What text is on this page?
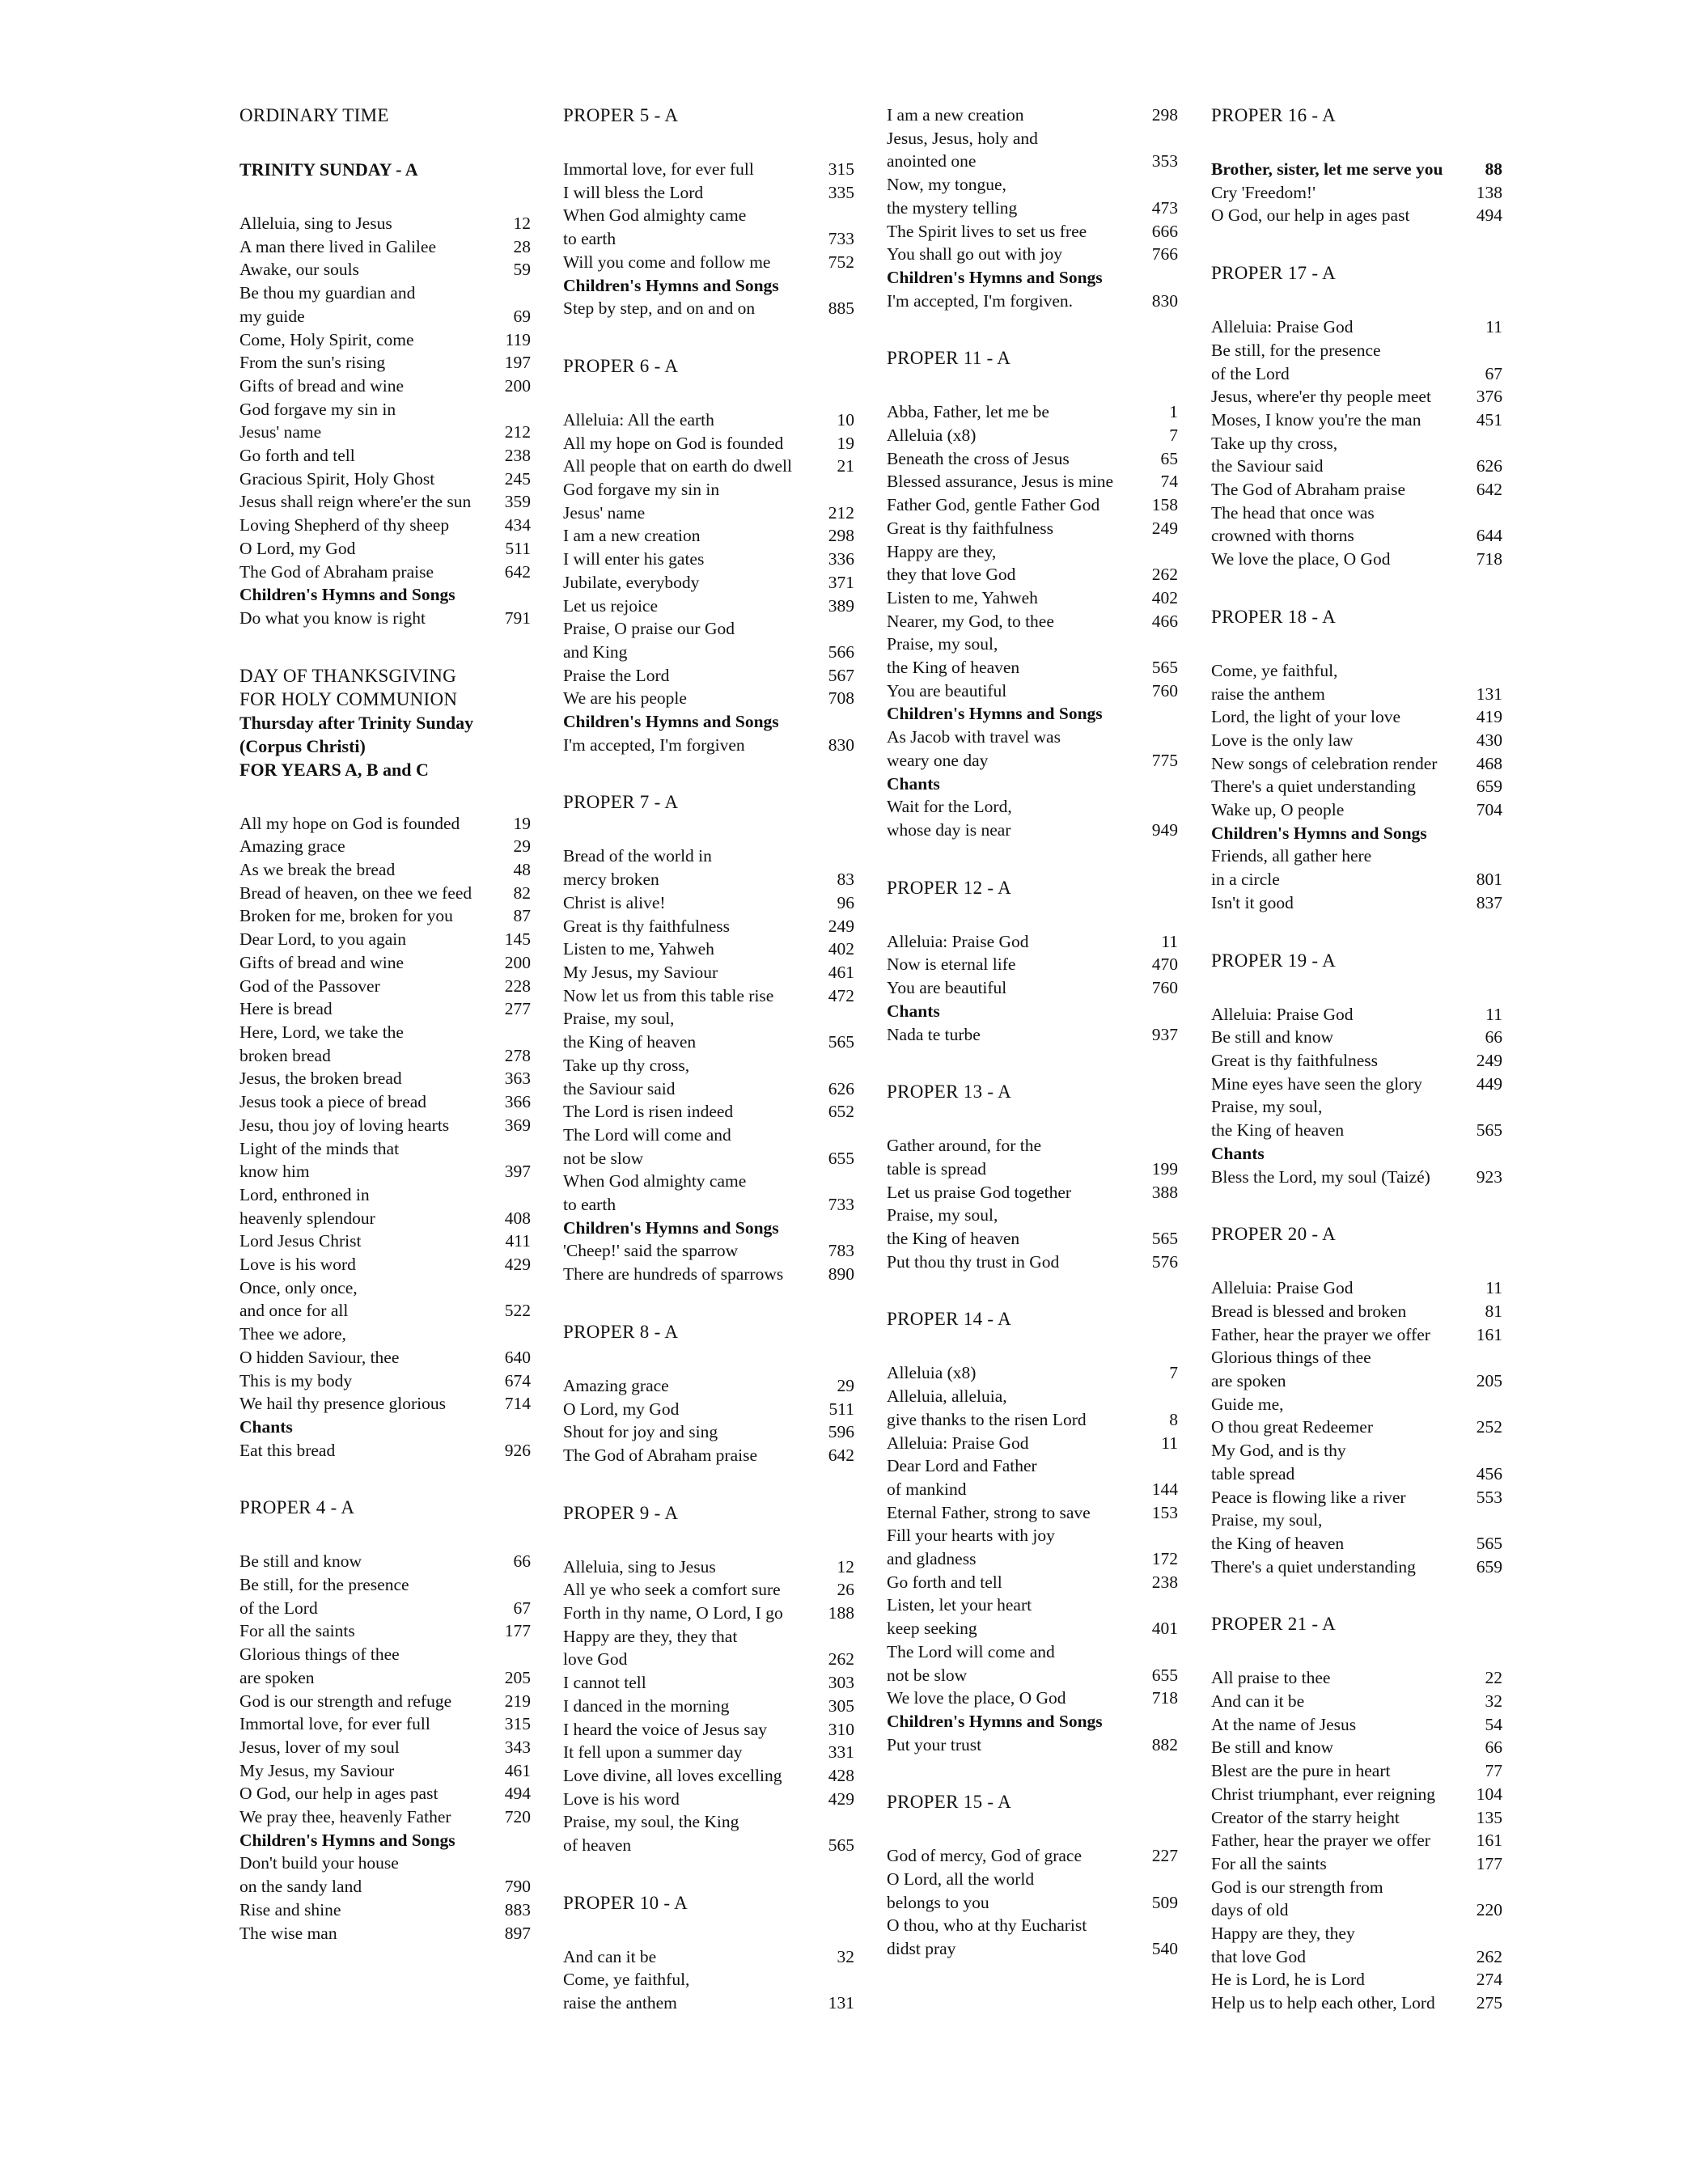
ORDINARY TIME
TRINITY SUNDAY - A
Alleluia, sing to Jesus	12
A man there lived in Galilee	28
Awake, our souls	59
Be thou my guardian and
my guide	69
Come, Holy Spirit, come	119
From the sun's rising	197
Gifts of bread and wine	200
God forgave my sin in
Jesus' name	212
Go forth and tell	238
Gracious Spirit, Holy Ghost	245
Jesus shall reign where'er the sun 359
Loving Shepherd of thy sheep	434
O Lord, my God	511
The God of Abraham praise	642
Children's Hymns and Songs
Do what you know is right	791
DAY OF THANKSGIVING
FOR HOLY COMMUNION
Thursday after Trinity Sunday
(Corpus Christi)
FOR YEARS A, B and C
All my hope on God is founded	19
Amazing grace	29
As we break the bread	48
Bread of heaven, on thee we feed 82
Broken for me, broken for you	87
Dear Lord, to you again	145
Gifts of bread and wine	200
God of the Passover	228
Here is bread	277
Here, Lord, we take the
broken bread	278
Jesus, the broken bread	363
Jesus took a piece of bread	366
Jesu, thou joy of loving hearts	369
Light of the minds that
know him	397
Lord, enthroned in
heavenly splendour	408
Lord Jesus Christ	411
Love is his word	429
Once, only once,
and once for all	522
Thee we adore,
O hidden Saviour, thee	640
This is my body	674
We hail thy presence glorious	714
Chants
Eat this bread	926
PROPER 4 - A
Be still and know	66
Be still, for the presence
of the Lord	67
For all the saints	177
Glorious things of thee
are spoken	205
God is our strength and refuge	219
Immortal love, for ever full	315
Jesus, lover of my soul	343
My Jesus, my Saviour	461
O God, our help in ages past	494
We pray thee, heavenly Father	720
Children's Hymns and Songs
Don't build your house
on the sandy land	790
Rise and shine	883
The wise man	897
PROPER 5 - A
Immortal love, for ever full	315
I will bless the Lord	335
When God almighty came
to earth	733
Will you come and follow me	752
Children's Hymns and Songs
Step by step, and on and on	885
PROPER 6 - A
Alleluia: All the earth	10
All my hope on God is founded	19
All people that on earth do dwell	21
God forgave my sin in
Jesus' name	212
I am a new creation	298
I will enter his gates	336
Jubilate, everybody	371
Let us rejoice	389
Praise, O praise our God
and King	566
Praise the Lord	567
We are his people	708
Children's Hymns and Songs
I'm accepted, I'm forgiven	830
PROPER 7 - A
Bread of the world in
mercy broken	83
Christ is alive!	96
Great is thy faithfulness	249
Listen to me, Yahweh	402
My Jesus, my Saviour	461
Now let us from this table rise	472
Praise, my soul,
the King of heaven	565
Take up thy cross,
the Saviour said	626
The Lord is risen indeed	652
The Lord will come and
not be slow	655
When God almighty came
to earth	733
Children's Hymns and Songs
'Cheep!' said the sparrow	783
There are hundreds of sparrows	890
PROPER 8 - A
Amazing grace	29
O Lord, my God	511
Shout for joy and sing	596
The God of Abraham praise	642
PROPER 9 - A
Alleluia, sing to Jesus	12
All ye who seek a comfort sure	26
Forth in thy name, O Lord, I go	188
Happy are they, they that
love God	262
I cannot tell	303
I danced in the morning	305
I heard the voice of Jesus say	310
It fell upon a summer day	331
Love divine, all loves excelling	428
Love is his word	429
Praise, my soul, the King
of heaven	565
PROPER 10 - A
And can it be	32
Come, ye faithful,
raise the anthem	131
I am a new creation	298
Jesus, Jesus, holy and
anointed one	353
Now, my tongue,
the mystery telling	473
The Spirit lives to set us free	666
You shall go out with joy	766
Children's Hymns and Songs
I'm accepted, I'm forgiven.	830
PROPER 11 - A
Abba, Father, let me be	1
Alleluia (x8)	7
Beneath the cross of Jesus	65
Blessed assurance, Jesus is mine	74
Father God, gentle Father God	158
Great is thy faithfulness	249
Happy are they,
they that love God	262
Listen to me, Yahweh	402
Nearer, my God, to thee	466
Praise, my soul,
the King of heaven	565
You are beautiful	760
Children's Hymns and Songs
As Jacob with travel was
weary one day	775
Chants
Wait for the Lord,
whose day is near	949
PROPER 12 - A
Alleluia: Praise God	11
Now is eternal life	470
You are beautiful	760
Chants
Nada te turbe	937
PROPER 13 - A
Gather around, for the
table is spread	199
Let us praise God together	388
Praise, my soul,
the King of heaven	565
Put thou thy trust in God	576
PROPER 14 - A
Alleluia (x8)	7
Alleluia, alleluia,
give thanks to the risen Lord	8
Alleluia: Praise God	11
Dear Lord and Father
of mankind	144
Eternal Father, strong to save	153
Fill your hearts with joy
and gladness	172
Go forth and tell	238
Listen, let your heart
keep seeking	401
The Lord will come and
not be slow	655
We love the place, O God	718
Children's Hymns and Songs
Put your trust	882
PROPER 15 - A
God of mercy, God of grace	227
O Lord, all the world
belongs to you	509
O thou, who at thy Eucharist
didst pray	540
PROPER 16 - A
Brother, sister, let me serve you 88
Cry 'Freedom!'	138
O God, our help in ages past	494
PROPER 17 - A
Alleluia: Praise God	11
Be still, for the presence
of the Lord	67
Jesus, where'er thy people meet	376
Moses, I know you're the man	451
Take up thy cross,
the Saviour said	626
The God of Abraham praise	642
The head that once was
crowned with thorns	644
We love the place, O God	718
PROPER 18 - A
Come, ye faithful,
raise the anthem	131
Lord, the light of your love	419
Love is the only law	430
New songs of celebration render 468
There's a quiet understanding	659
Wake up, O people	704
Children's Hymns and Songs
Friends, all gather here
in a circle	801
Isn't it good	837
PROPER 19 - A
Alleluia: Praise God	11
Be still and know	66
Great is thy faithfulness	249
Mine eyes have seen the glory	449
Praise, my soul,
the King of heaven	565
Chants
Bless the Lord, my soul (Taizé)	923
PROPER 20 - A
Alleluia: Praise God	11
Bread is blessed and broken	81
Father, hear the prayer we offer	161
Glorious things of thee
are spoken	205
Guide me,
O thou great Redeemer	252
My God, and is thy
table spread	456
Peace is flowing like a river	553
Praise, my soul,
the King of heaven	565
There's a quiet understanding	659
PROPER 21 - A
All praise to thee	22
And can it be	32
At the name of Jesus	54
Be still and know	66
Blest are the pure in heart	77
Christ triumphant, ever reigning 104
Creator of the starry height	135
Father, hear the prayer we offer	161
For all the saints	177
God is our strength from
days of old	220
Happy are they, they
that love God	262
He is Lord, he is Lord	274
Help us to help each other, Lord 275
